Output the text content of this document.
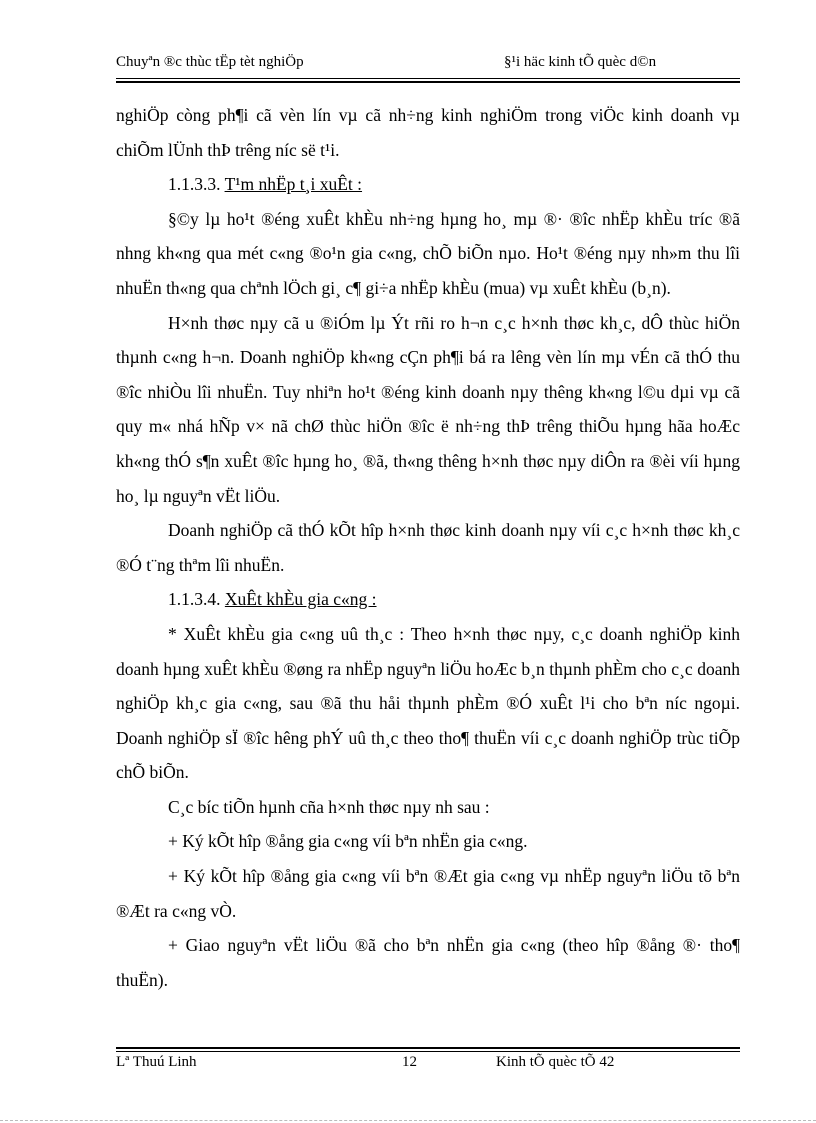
Chuyªn ®c thùc tËp tèt nghiÖp	§¹i häc kinh tÕ quèc d©n

nghiÖp còng ph¶i cã vèn lín vµ cã nh÷ng kinh nghiÖm trong viÖc kinh doanh vµ chiÕm lÜnh thÞ trêng níc së t¹i.

1.1.3.3. T¹m nhËp t¸i xuÊt :

§©y lµ ho¹t ®éng xuÊt khÈu nh÷ng hµng ho¸ mµ ®· ®îc nhËp khÈu tríc ®ã nhng kh«ng qua mét c«ng ®o¹n gia c«ng, chÕ biÕn nµo. Ho¹t ®éng nµy nh»m thu lîi nhuËn th«ng qua chªnh lÖch gi¸ c¶ gi÷a nhËp khÈu (mua) vµ xuÊt khÈu (b¸n).

H×nh thøc nµy cã u ®iÓm lµ Ýt rñi ro h¬n c¸c h×nh thøc kh¸c, dÔ thùc hiÖn thµnh c«ng h¬n. Doanh nghiÖp kh«ng cÇn ph¶i bá ra lêng vèn lín mµ vÉn cã thÓ thu ®îc nhiÒu lîi nhuËn. Tuy nhiªn ho¹t ®éng kinh doanh nµy thêng kh«ng l©u dµi vµ cã quy m« nhá hÑp v× nã chØ thùc hiÖn ®îc ë nh÷ng thÞ trêng thiÕu hµng hãa hoÆc kh«ng thÓ s¶n xuÊt ®îc hµng ho¸ ®ã, th«ng thêng h×nh thøc nµy diÔn ra ®èi víi hµng ho¸ lµ nguyªn vËt liÖu.

Doanh nghiÖp cã thÓ kÕt hîp h×nh thøc kinh doanh nµy víi c¸c h×nh thøc kh¸c ®Ó t¨ng thªm lîi nhuËn.

1.1.3.4. XuÊt khÈu gia c«ng :

* XuÊt khÈu gia c«ng uû th¸c : Theo h×nh thøc nµy, c¸c doanh nghiÖp kinh doanh hµng xuÊt khÈu ®øng ra nhËp nguyªn liÖu hoÆc b¸n thµnh phÈm cho c¸c doanh nghiÖp kh¸c gia c«ng, sau ®ã thu håi thµnh phÈm ®Ó xuÊt l¹i cho bªn níc ngoµi. Doanh nghiÖp sÏ ®îc hêng phÝ uû th¸c theo tho¶ thuËn víi c¸c doanh nghiÖp trùc tiÕp chÕ biÕn.

C¸c bíc tiÕn hµnh cña h×nh thøc nµy nh sau :

+ Ký kÕt hîp ®ång gia c«ng víi bªn nhËn gia c«ng.

+ Ký kÕt hîp ®ång gia c«ng víi bªn ®Æt gia c«ng vµ nhËp nguyªn liÖu tõ bªn ®Æt ra c«ng vÒ.

+ Giao nguyªn vËt liÖu ®ã cho bªn nhËn gia c«ng (theo hîp ®ång ®· tho¶ thuËn).

Lª Thuú Linh	12	Kinh tÕ quèc tÕ 42
